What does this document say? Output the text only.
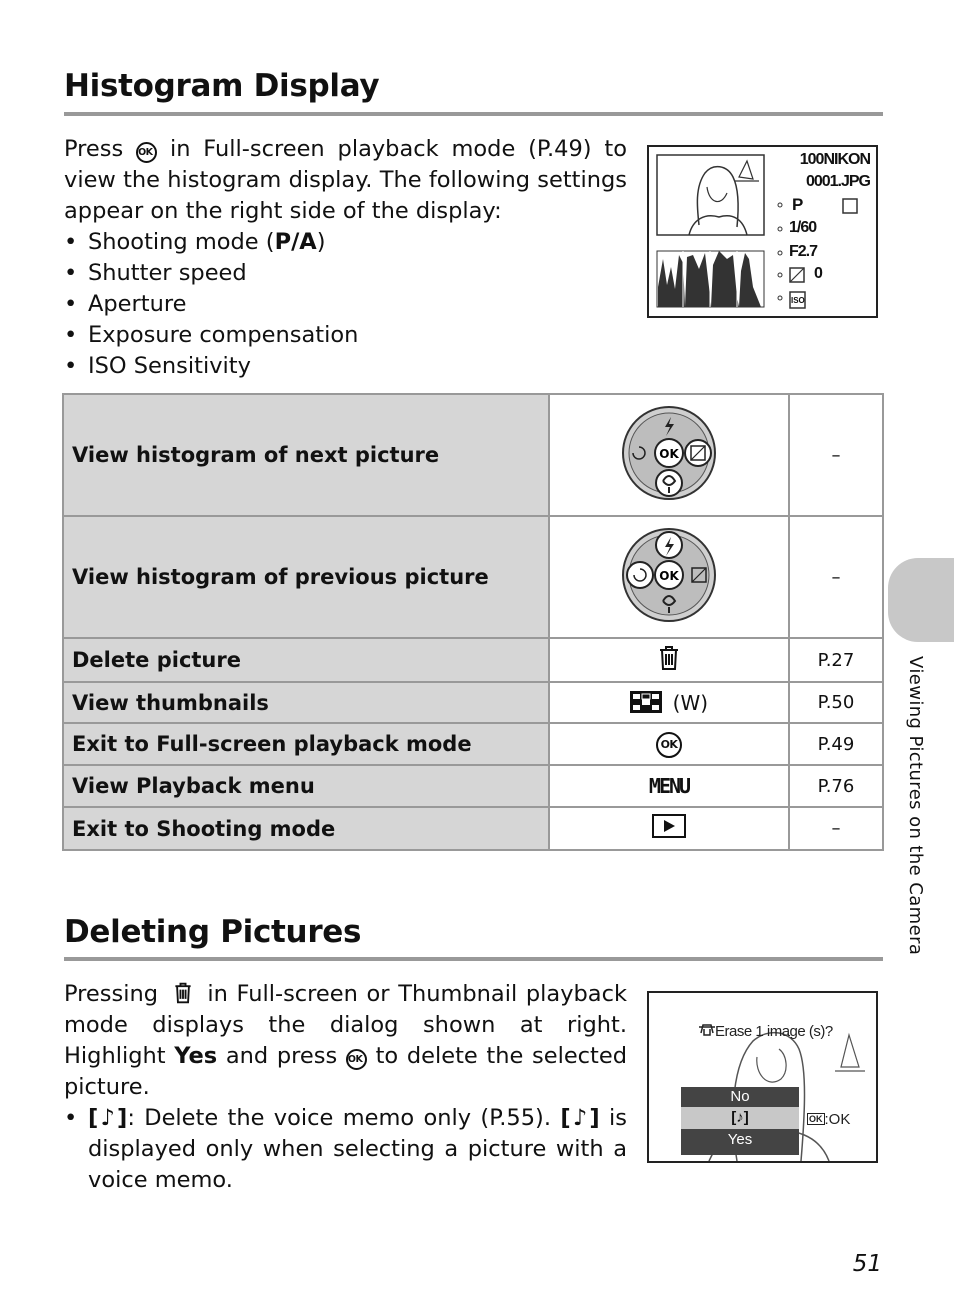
Histogram Display

Press OK in Full-screen playback mode (P.49) to view the histogram display. The following settings appear on the right side of the display:

• Shooting mode (P/A)
• Shutter speed
• Aperture
• Exposure compensation
• ISO Sensitivity
100NIKON
0001.JPG
P
1/60
F2.7
0
ISO
View histogram of next picture	OK	–
View histogram of previous picture	OK	–
Delete picture		P.27
View thumbnails	(W)	P.50
Exit to Full-screen playback mode	OK	P.49
View Playback menu	MENU	P.76
Exit to Shooting mode		–
Deleting Pictures

Pressing in Full-screen or Thumbnail playback mode displays the dialog shown at right. Highlight Yes and press OK to delete the selected picture.

• [♪]: Delete the voice memo only (P.55). [♪] is displayed only when selecting a picture with a voice memo.
Erase 1 image (s)?
No
[♪]
Yes
OK :OK
Viewing Pictures on the Camera
51
